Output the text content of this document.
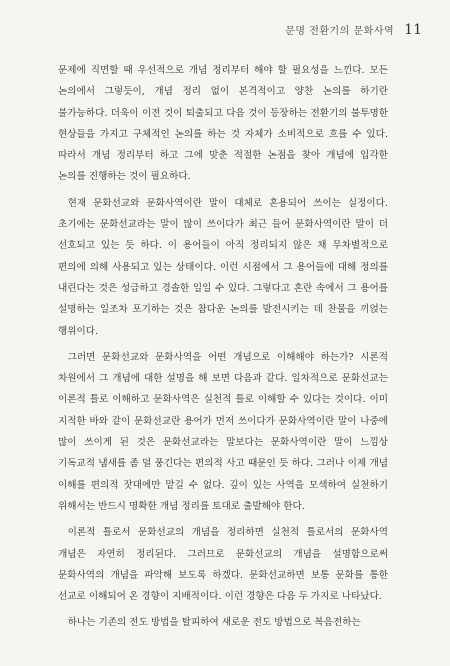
문명 전환기의 문화사역 11

문제에 직면할 때 우선적으로 개념 정리부터 해야 할 필요성을 느낀다. 모든 논의에서 그렇듯이, 개념 정리 없이 본격적이고 양찬 논의를 하기란 불가능하다. 더욱이 이전 것이 퇴출되고 다음 것이 등장하는 전환기의 불투명한 현상들을 가지고 구체적인 논의를 하는 것 자체가 소비적으로 흐를 수 있다. 따라서 개념 정리부터 하고 그에 맞춘 적절한 논점을 찾아 개념에 입각한 논의를 진행하는 것이 필요하다.

현재 문화선교와 문화사역이란 말이 대체로 혼용되어 쓰이는 실정이다. 초기에는 문화선교라는 말이 많이 쓰이다가 최근 들어 문화사역이란 말이 더 선호되고 있는 듯 하다. 이 용어들이 아직 정리되지 않은 채 무차별적으로 편의에 의해 사용되고 있는 상태이다. 이런 시점에서 그 용어들에 대해 정의를 내린다는 것은 성급하고 경솔한 일일 수 있다. 그렇다고 혼란 속에서 그 용어를 설명하는 일조차 포기하는 것은 참다운 논의를 발전시키는 데 찬물을 끼얹는 행위이다.

그러면 문화선교와 문화사역을 어떤 개념으로 이해해야 하는가? 시론적 차원에서 그 개념에 대한 설명을 해 보면 다음과 같다. 일차적으로 문화선교는 이론적 틀로 이해하고 문화사역은 실천적 틀로 이해할 수 있다는 것이다. 이미 지적한 바와 같이 문화선교란 용어가 먼저 쓰이다가 문화사역이란 말이 나중에 많이 쓰이게 된 것은 문화선교라는 말보다는 문화사역이란 말이 느낌상 기독교적 냄새를 좀 덜 풍긴다는 편의적 사고 때문인 듯 하다. 그러나 이제 개념 이해를 편의적 잣대에만 맡길 수 없다. 깊이 있는 사역을 모색하여 실천하기 위해서는 반드시 명확한 개념 정리를 토대로 출발해야 한다.

이론적 틀로서 문화선교의 개념을 정리하면 실천적 틀로서의 문화사역 개념은 자연히 정리된다. 그러므로 문화선교의 개념을 설명함으로써 문화사역의 개념을 파악해 보도록 하겠다. 문화선교하면 보통 문화를 통한 선교로 이해되어 온 경향이 지배적이다. 이런 경향은 다음 두 가지로 나타났다.

하나는 기존의 전도 방법을 탈피하여 새로운 전도 방법으로 복음전하는
